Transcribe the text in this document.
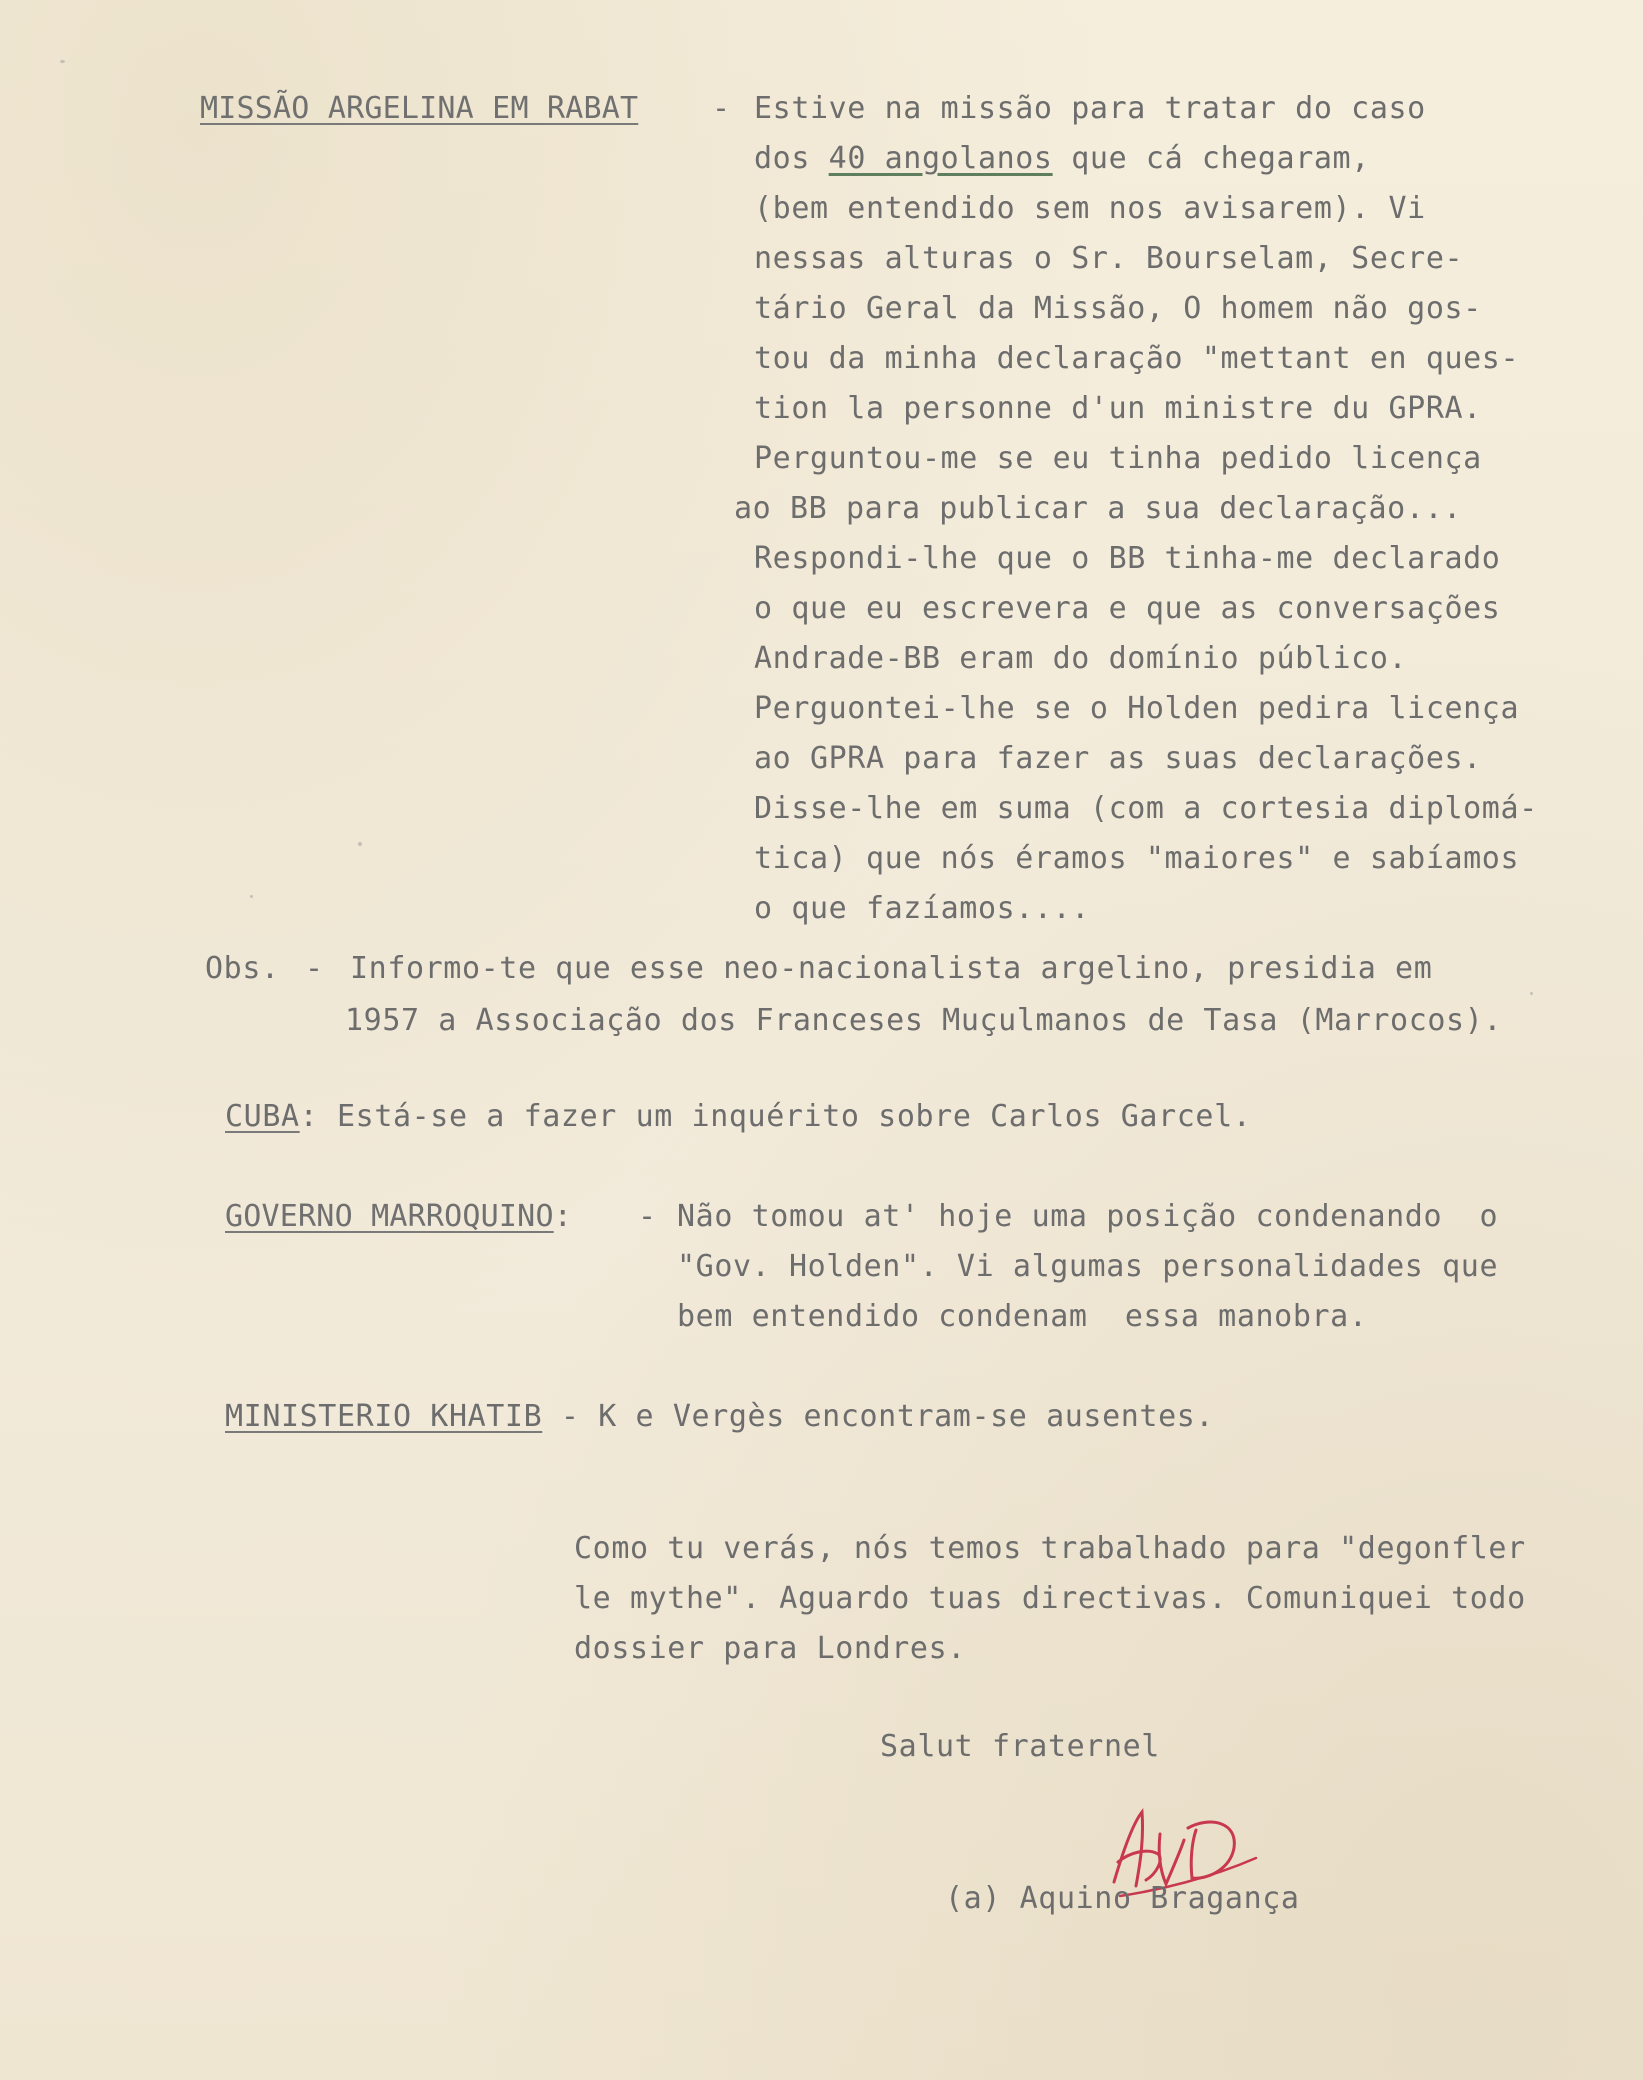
MISSÃO ARGELINA EM RABAT - Estive na missão para tratar do caso
dos 40 angolanos que cá chegaram,
(bem entendido sem nos avisarem). Vi
nessas alturas o Sr. Bourselam, Secre-
tário Geral da Missão, O homem não gos-
tou da minha declaração "mettant en ques-
tion la personne d'un ministre du GPRA.
Perguntou-me se eu tinha pedido licença
ao BB para publicar a sua declaração...
Respondi-lhe que o BB tinha-me declarado
o que eu escrevera e que as conversações
Andrade-BB eram do domínio público.
Perguontei-lhe se o Holden pedira licença
ao GPRA para fazer as suas declarações.
Disse-lhe em suma (com a cortesia diplomá-
tica) que nós éramos "maiores" e sabíamos
o que fazíamos....
Obs. - Informo-te que esse neo-nacionalista argelino, presidia em
1957 a Associação dos Franceses Muçulmanos de Tasa (Marrocos).
CUBA: Está-se a fazer um inquérito sobre Carlos Garcel.
GOVERNO MARROQUINO: - Não tomou at' hoje uma posição condenando  o
"Gov. Holden". Vi algumas personalidades que
bem entendido condenam  essa manobra.
MINISTERIO KHATIB - K e Vergès encontram-se ausentes.
Como tu verás, nós temos trabalhado para "degonfler
le mythe". Aguardo tuas directivas. Comuniquei todo
dossier para Londres.
Salut fraternel
(a) Aquino Bragança
